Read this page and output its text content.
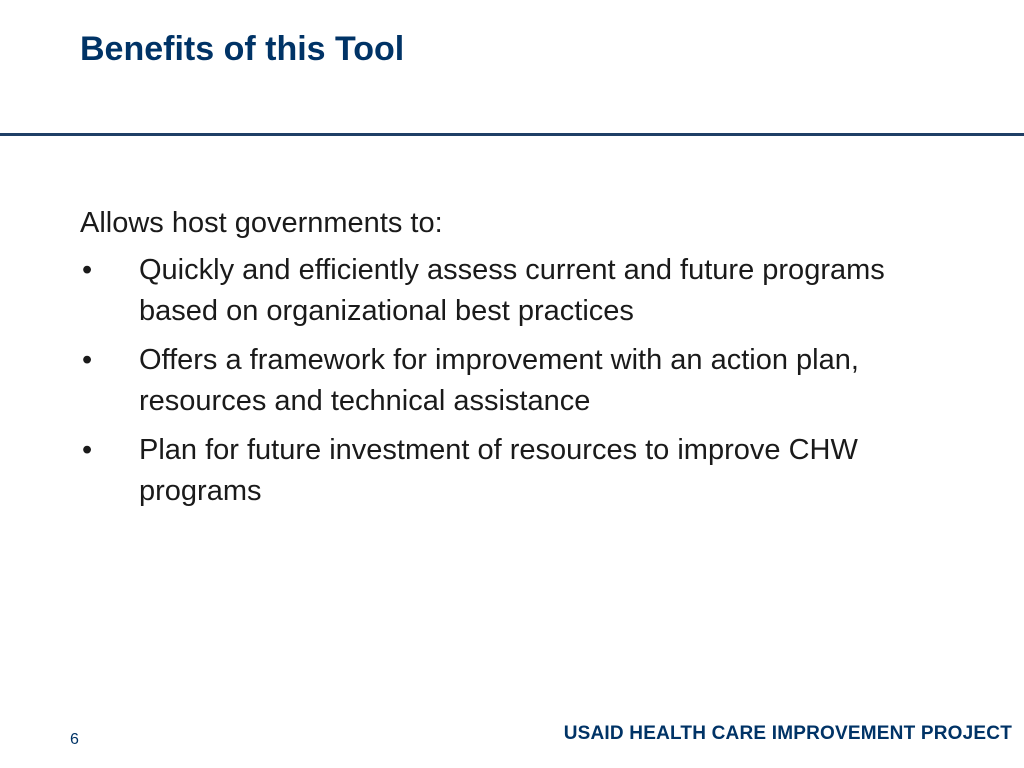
Benefits of this Tool

Allows host governments to:

• Quickly and efficiently assess current and future programs based on organizational best practices
• Offers a framework for improvement with an action plan, resources and technical assistance
• Plan for future investment of resources to improve CHW programs
6	USAID HEALTH CARE IMPROVEMENT PROJECT
